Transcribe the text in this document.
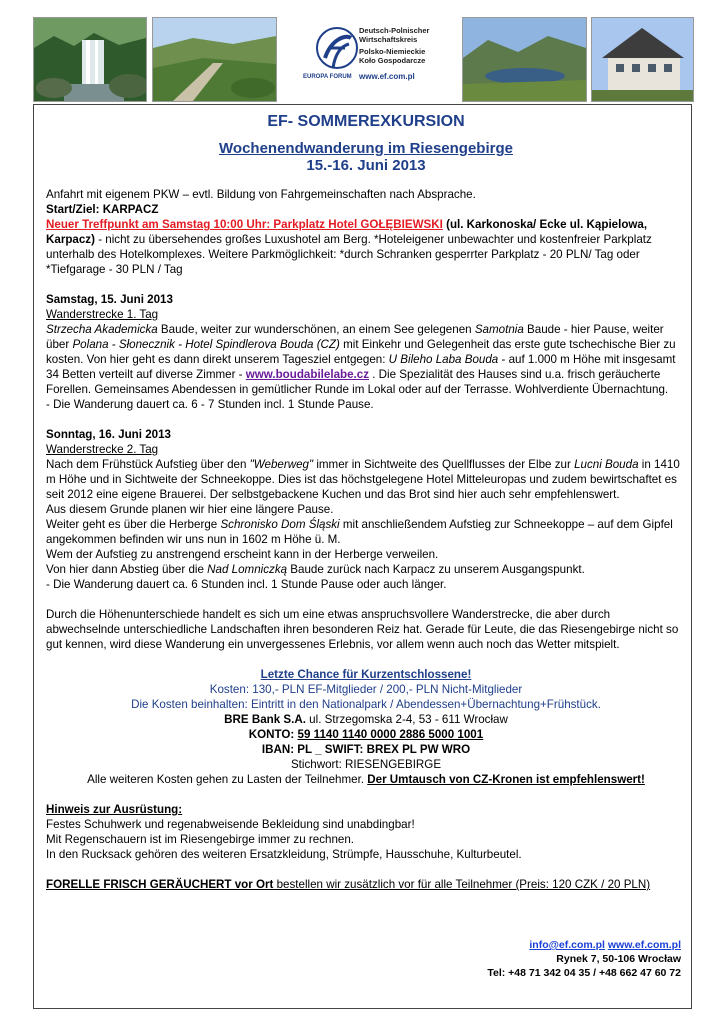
EUROPA FORUM
Deutsch-Polnischer
Wirtschaftskreis
Polsko-Niemieckie
Koło Gospodarcze
www.ef.com.pl
EF- SOMMEREXKURSION
Wochenendwanderung im Riesengebirge
15.-16. Juni 2013

Anfahrt mit eigenem PKW – evtl. Bildung von Fahrgemeinschaften nach Absprache.

Start/Ziel: KARPACZ

Neuer Treffpunkt am Samstag 10:00 Uhr: Parkplatz Hotel GOŁĘBIEWSKI (ul. Karkonoska/ Ecke ul. Kąpielowa, Karpacz) - nicht zu übersehendes großes Luxushotel am Berg. *Hoteleigener unbewachter und kostenfreier Parkplatz unterhalb des Hotelkomplexes. Weitere Parkmöglichkeit: *durch Schranken gesperrter Parkplatz - 20 PLN/ Tag oder *Tiefgarage - 30 PLN / Tag

Samstag, 15. Juni 2013

Wanderstrecke 1. Tag

Strzecha Akademicka Baude, weiter zur wunderschönen, an einem See gelegenen Samotnia Baude - hier Pause, weiter über Polana - Słonecznik - Hotel Spindlerova Bouda (CZ) mit Einkehr und Gelegenheit das erste gute tschechische Bier zu kosten. Von hier geht es dann direkt unserem Tagesziel entgegen: U Bileho Laba Bouda - auf 1.000 m Höhe mit insgesamt 34 Betten verteilt auf diverse Zimmer - www.boudabilelabe.cz . Die Spezialität des Hauses sind u.a. frisch geräucherte Forellen. Gemeinsames Abendessen in gemütlicher Runde im Lokal oder auf der Terrasse. Wohlverdiente Übernachtung.

- Die Wanderung dauert ca. 6 - 7 Stunden incl. 1 Stunde Pause.

Sonntag, 16. Juni 2013

Wanderstrecke 2. Tag

Nach dem Frühstück Aufstieg über den "Weberweg" immer in Sichtweite des Quellflusses der Elbe zur Lucni Bouda in 1410 m Höhe und in Sichtweite der Schneekoppe. Dies ist das höchstgelegene Hotel Mitteleuropas und zudem bewirtschaftet es seit 2012 eine eigene Brauerei. Der selbstgebackene Kuchen und das Brot sind hier auch sehr empfehlenswert.

Aus diesem Grunde planen wir hier eine längere Pause.

Weiter geht es über die Herberge Schronisko Dom Śląski mit anschließendem Aufstieg zur Schneekoppe – auf dem Gipfel angekommen befinden wir uns nun in 1602 m Höhe ü. M.

Wem der Aufstieg zu anstrengend erscheint kann in der Herberge verweilen.

Von hier dann Abstieg über die Nad Lomniczką Baude zurück nach Karpacz zu unserem Ausgangspunkt.

- Die Wanderung dauert ca. 6 Stunden incl. 1 Stunde Pause oder auch länger.

Durch die Höhenunterschiede handelt es sich um eine etwas anspruchsvollere Wanderstrecke, die aber durch abwechselnde unterschiedliche Landschaften ihren besonderen Reiz hat. Gerade für Leute, die das Riesengebirge nicht so gut kennen, wird diese Wanderung ein unvergessenes Erlebnis, vor allem wenn auch noch das Wetter mitspielt.

Letzte Chance für Kurzentschlossene!

Kosten: 130,- PLN EF-Mitglieder / 200,- PLN Nicht-Mitglieder

Die Kosten beinhalten: Eintritt in den Nationalpark / Abendessen+Übernachtung+Frühstück.

BRE Bank S.A. ul. Strzegomska 2-4, 53 - 611 Wrocław

KONTO: 59 1140 1140 0000 2886 5000 1001

IBAN: PL _ SWIFT: BREX PL PW WRO

Stichwort: RIESENGEBIRGE

Alle weiteren Kosten gehen zu Lasten der Teilnehmer. Der Umtausch von CZ-Kronen ist empfehlenswert!

Hinweis zur Ausrüstung:

Festes Schuhwerk und regenabweisende Bekleidung sind unabdingbar!

Mit Regenschauern ist im Riesengebirge immer zu rechnen.

In den Rucksack gehören des weiteren Ersatzkleidung, Strümpfe, Hausschuhe, Kulturbeutel.

FORELLE FRISCH GERÄUCHERT vor Ort bestellen wir zusätzlich vor für alle Teilnehmer (Preis: 120 CZK / 20 PLN)

info@ef.com.pl www.ef.com.pl
Rynek 7, 50-106 Wrocław
Tel: +48 71 342 04 35 / +48 662 47 60 72
